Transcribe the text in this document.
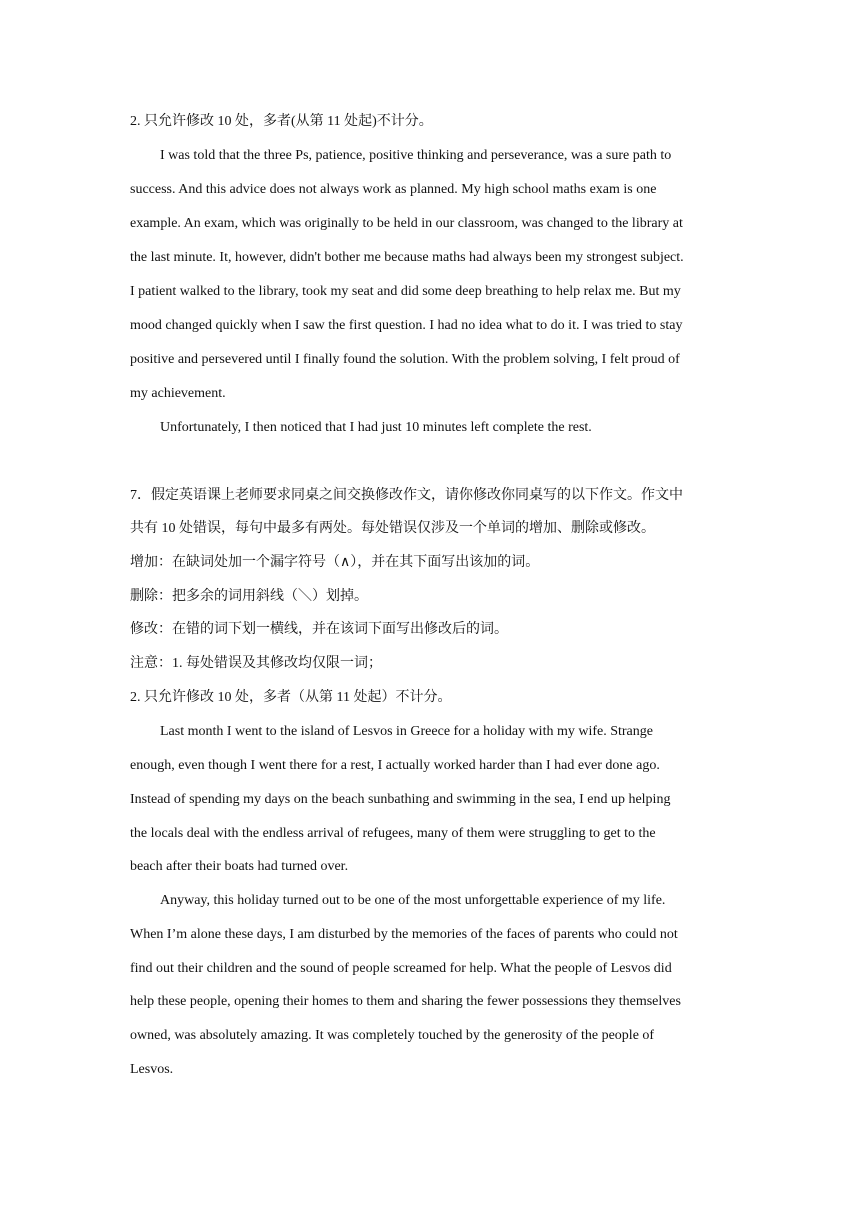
2. 只允许修改 10 处，多者(从第 11 处起)不计分。
I was told that the three Ps, patience, positive thinking and perseverance, was a sure path to
success. And this advice does not always work as planned. My high school maths exam is one
example. An exam, which was originally to be held in our classroom, was changed to the library at
the last minute. It, however, didn't bother me because maths had always been my strongest subject.
I patient walked to the library, took my seat and did some deep breathing to help relax me. But my
mood changed quickly when I saw the first question. I had no idea what to do it. I was tried to stay
positive and persevered until I finally found the solution. With the problem solving, I felt proud of
my achievement.
Unfortunately, I then noticed that I had just 10 minutes left complete the rest.
7．假定英语课上老师要求同桌之间交换修改作文，请你修改你同桌写的以下作文。作文中
共有 10 处错误，每句中最多有两处。每处错误仅涉及一个单词的增加、删除或修改。
增加：在缺词处加一个漏字符号（∧），并在其下面写出该加的词。
删除：把多余的词用斜线（＼）划掉。
修改：在错的词下划一横线，并在该词下面写出修改后的词。
注意：1. 每处错误及其修改均仅限一词；
2. 只允许修改 10 处，多者（从第 11 处起）不计分。
Last month I went to the island of Lesvos in Greece for a holiday with my wife. Strange
enough, even though I went there for a rest, I actually worked harder than I had ever done ago.
Instead of spending my days on the beach sunbathing and swimming in the sea, I end up helping
the locals deal with the endless arrival of refugees, many of them were struggling to get to the
beach after their boats had turned over.
Anyway, this holiday turned out to be one of the most unforgettable experience of my life.
When I’m alone these days, I am disturbed by the memories of the faces of parents who could not
find out their children and the sound of people screamed for help. What the people of Lesvos did
help these people, opening their homes to them and sharing the fewer possessions they themselves
owned, was absolutely amazing. It was completely touched by the generosity of the people of
Lesvos.
